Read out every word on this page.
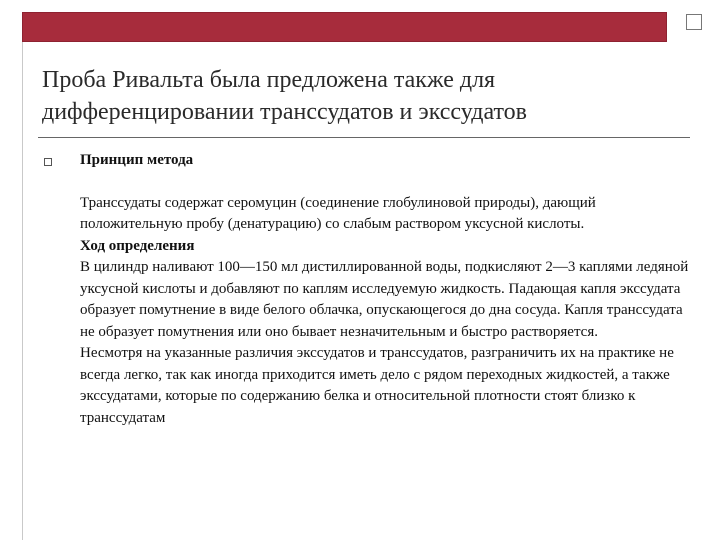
Проба Ривальта была предложена также для дифференцировании транссудатов и экссудатов

Принцип метода

Транссудаты содержат серомуцин (соединение глобулиновой природы), дающий положительную пробу (денатурацию) со слабым раствором уксусной кислоты.

Ход определения

В цилиндр наливают 100—150 мл дистиллированной воды, подкисляют 2—3 каплями ледяной уксусной кислоты и добавляют по каплям исследуемую жидкость. Падающая капля экссудата образует помутнение в виде белого облачка, опускающегося до дна сосуда. Капля транссудата не образует помутнения или оно бывает незначительным и быстро растворяется.

Несмотря на указанные различия экссудатов и транссудатов, разграничить их на практике не всегда легко, так как иногда приходится иметь дело с рядом переходных жидкостей, а также экссудатами, которые по содержанию белка и относительной плотности стоят близко к транссудатам
